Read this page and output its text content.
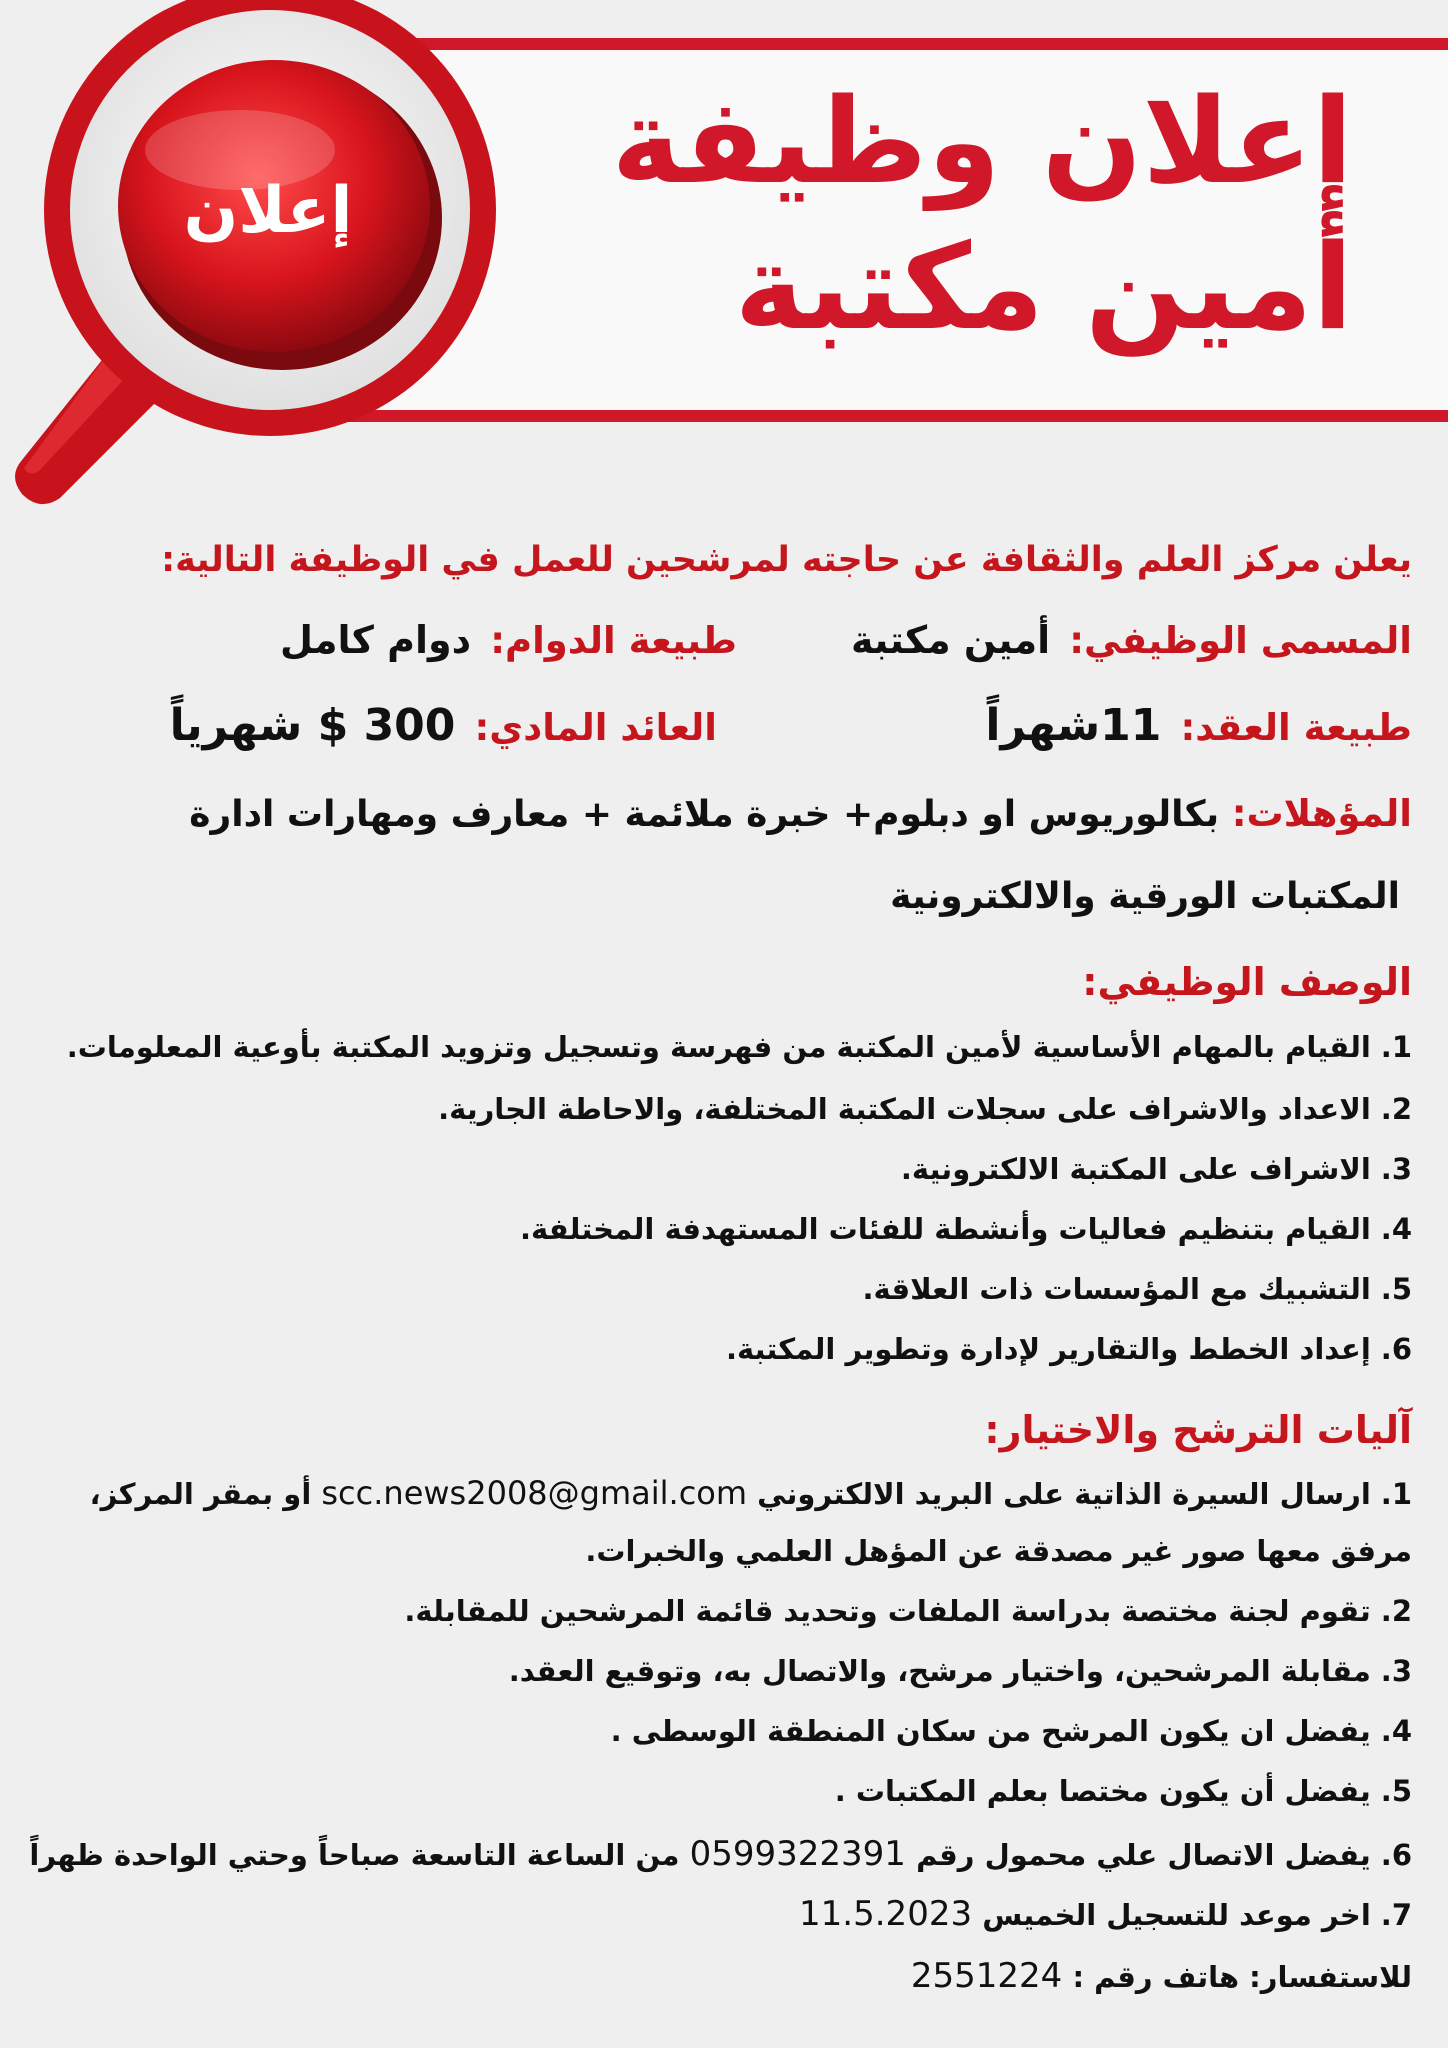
إعلان وظيفة
أمين مكتبة
إعلان
يعلن مركز العلم والثقافة عن حاجته لمرشحين للعمل في الوظيفة التالية:
المسمى الوظيفي: أمين مكتبة
طبيعة الدوام: دوام كامل
طبيعة العقد: 11شهراً
العائد المادي: 300 $ شهرياً
المؤهلات: بكالوريوس او دبلوم+ خبرة ملائمة + معارف ومهارات ادارة
المكتبات الورقية والالكترونية
الوصف الوظيفي:
1.القيام بالمهام الأساسية لأمين المكتبة من فهرسة وتسجيل وتزويد المكتبة بأوعية المعلومات.
2.الاعداد والاشراف على سجلات المكتبة المختلفة، والاحاطة الجارية.
3.الاشراف على المكتبة الالكترونية.
4.القيام بتنظيم فعاليات وأنشطة للفئات المستهدفة المختلفة.
5.التشبيك مع المؤسسات ذات العلاقة.
6.إعداد الخطط والتقارير لإدارة وتطوير المكتبة.
آليات الترشح والاختيار:
1.ارسال السيرة الذاتية على البريد الالكتروني scc.news2008@gmail.com أو بمقر المركز،
مرفق معها صور غير مصدقة عن المؤهل العلمي والخبرات.
2.تقوم لجنة مختصة بدراسة الملفات وتحديد قائمة المرشحين للمقابلة.
3.مقابلة المرشحين، واختيار مرشح، والاتصال به، وتوقيع العقد.
4.يفضل ان يكون المرشح من سكان المنطقة الوسطى .
5.يفضل أن يكون مختصا بعلم المكتبات .
6.يفضل الاتصال علي محمول رقم 0599322391 من الساعة التاسعة صباحاً وحتي الواحدة ظهراً
7.اخر موعد للتسجيل الخميس 11.5.2023
للاستفسار: هاتف رقم : 2551224
